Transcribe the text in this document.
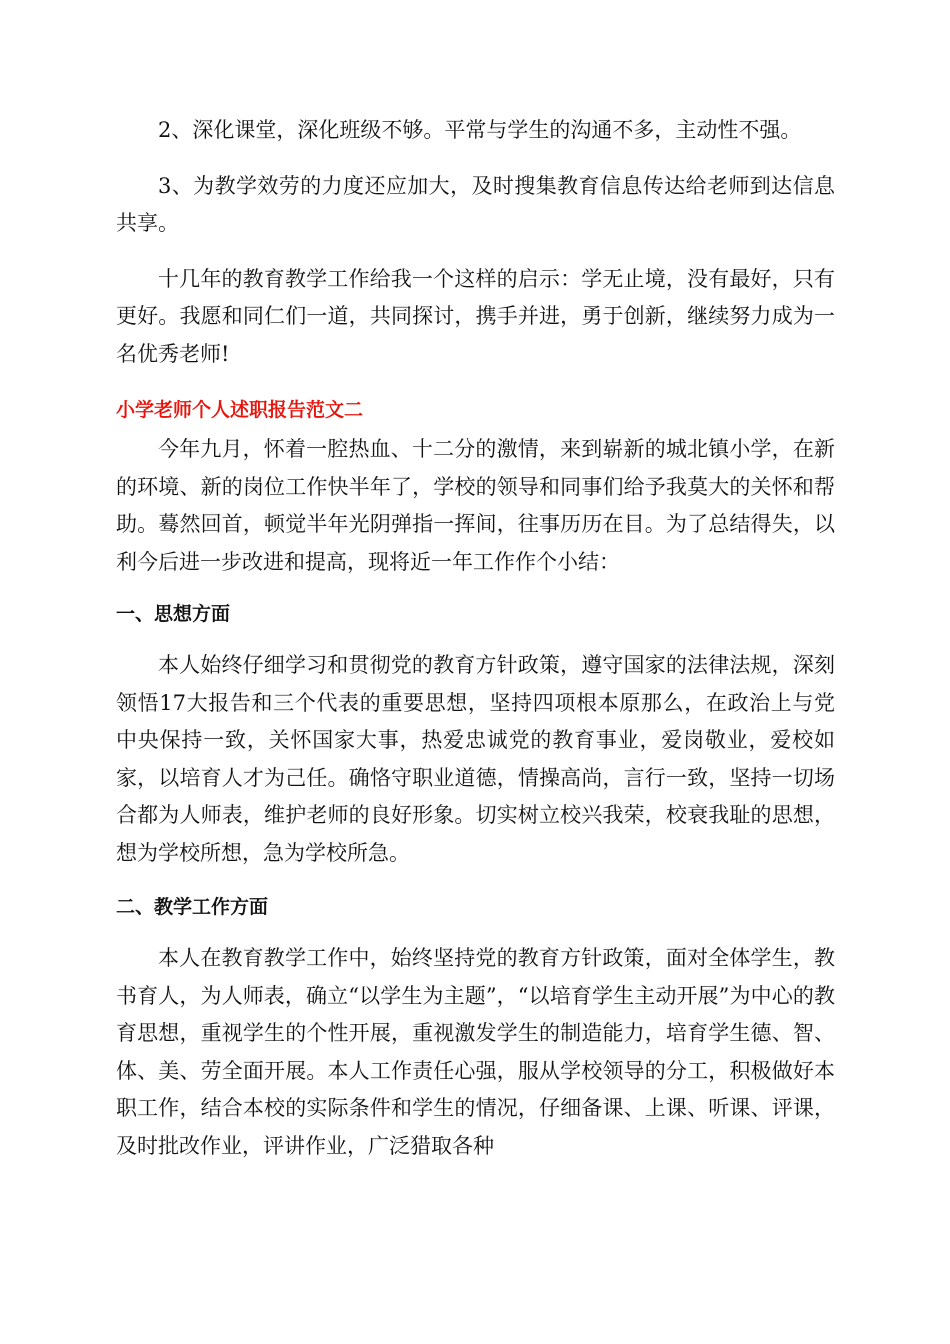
2、深化课堂，深化班级不够。平常与学生的沟通不多，主动性不强。

3、为教学效劳的力度还应加大，及时搜集教育信息传达给老师到达信息共享。

十几年的教育教学工作给我一个这样的启示：学无止境，没有最好，只有更好。我愿和同仁们一道，共同探讨，携手并进，勇于创新，继续努力成为一名优秀老师!

小学老师个人述职报告范文二

今年九月，怀着一腔热血、十二分的激情，来到崭新的城北镇小学，在新的环境、新的岗位工作快半年了，学校的领导和同事们给予我莫大的关怀和帮助。蓦然回首，顿觉半年光阴弹指一挥间，往事历历在目。为了总结得失，以利今后进一步改进和提高，现将近一年工作作个小结：

一、思想方面

本人始终仔细学习和贯彻党的教育方针政策，遵守国家的法律法规，深刻领悟17大报告和三个代表的重要思想，坚持四项根本原那么，在政治上与党中央保持一致，关怀国家大事，热爱忠诚党的教育事业，爱岗敬业，爱校如家，以培育人才为己任。确恪守职业道德，情操高尚，言行一致，坚持一切场合都为人师表，维护老师的良好形象。切实树立校兴我荣，校衰我耻的思想，想为学校所想，急为学校所急。

二、教学工作方面

本人在教育教学工作中，始终坚持党的教育方针政策，面对全体学生，教书育人，为人师表，确立“以学生为主题”，“以培育学生主动开展”为中心的教育思想，重视学生的个性开展，重视激发学生的制造能力，培育学生德、智、体、美、劳全面开展。本人工作责任心强，服从学校领导的分工，积极做好本职工作，结合本校的实际条件和学生的情况，仔细备课、上课、听课、评课，及时批改作业，评讲作业，广泛猎取各种
